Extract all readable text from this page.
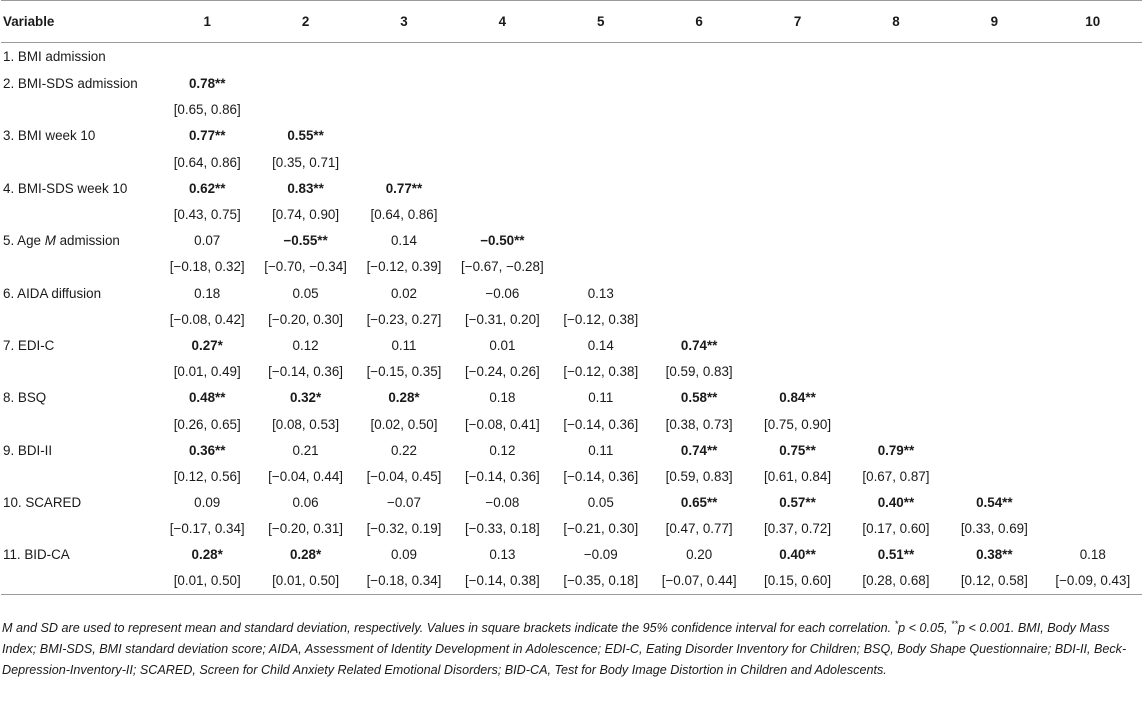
Variable	1	2	3	4	5	6	7	8	9	10
1. BMI admission										
2. BMI-SDS admission	0.78**									
	[0.65, 0.86]									
3. BMI week 10	0.77**	0.55**								
	[0.64, 0.86]	[0.35, 0.71]								
4. BMI-SDS week 10	0.62**	0.83**	0.77**							
	[0.43, 0.75]	[0.74, 0.90]	[0.64, 0.86]							
5. Age M admission	0.07	−0.55**	0.14	−0.50**						
	[−0.18, 0.32]	[−0.70, −0.34]	[−0.12, 0.39]	[−0.67, −0.28]						
6. AIDA diffusion	0.18	0.05	0.02	−0.06	0.13					
	[−0.08, 0.42]	[−0.20, 0.30]	[−0.23, 0.27]	[−0.31, 0.20]	[−0.12, 0.38]					
7. EDI-C	0.27*	0.12	0.11	0.01	0.14	0.74**				
	[0.01, 0.49]	[−0.14, 0.36]	[−0.15, 0.35]	[−0.24, 0.26]	[−0.12, 0.38]	[0.59, 0.83]				
8. BSQ	0.48**	0.32*	0.28*	0.18	0.11	0.58**	0.84**			
	[0.26, 0.65]	[0.08, 0.53]	[0.02, 0.50]	[−0.08, 0.41]	[−0.14, 0.36]	[0.38, 0.73]	[0.75, 0.90]			
9. BDI-II	0.36**	0.21	0.22	0.12	0.11	0.74**	0.75**	0.79**		
	[0.12, 0.56]	[−0.04, 0.44]	[−0.04, 0.45]	[−0.14, 0.36]	[−0.14, 0.36]	[0.59, 0.83]	[0.61, 0.84]	[0.67, 0.87]		
10. SCARED	0.09	0.06	−0.07	−0.08	0.05	0.65**	0.57**	0.40**	0.54**	
	[−0.17, 0.34]	[−0.20, 0.31]	[−0.32, 0.19]	[−0.33, 0.18]	[−0.21, 0.30]	[0.47, 0.77]	[0.37, 0.72]	[0.17, 0.60]	[0.33, 0.69]	
11. BID-CA	0.28*	0.28*	0.09	0.13	−0.09	0.20	0.40**	0.51**	0.38**	0.18
	[0.01, 0.50]	[0.01, 0.50]	[−0.18, 0.34]	[−0.14, 0.38]	[−0.35, 0.18]	[−0.07, 0.44]	[0.15, 0.60]	[0.28, 0.68]	[0.12, 0.58]	[−0.09, 0.43]
M and SD are used to represent mean and standard deviation, respectively. Values in square brackets indicate the 95% confidence interval for each correlation. *p < 0.05, **p < 0.001. BMI, Body Mass Index; BMI-SDS, BMI standard deviation score; AIDA, Assessment of Identity Development in Adolescence; EDI-C, Eating Disorder Inventory for Children; BSQ, Body Shape Questionnaire; BDI-II, Beck-Depression-Inventory-II; SCARED, Screen for Child Anxiety Related Emotional Disorders; BID-CA, Test for Body Image Distortion in Children and Adolescents.
